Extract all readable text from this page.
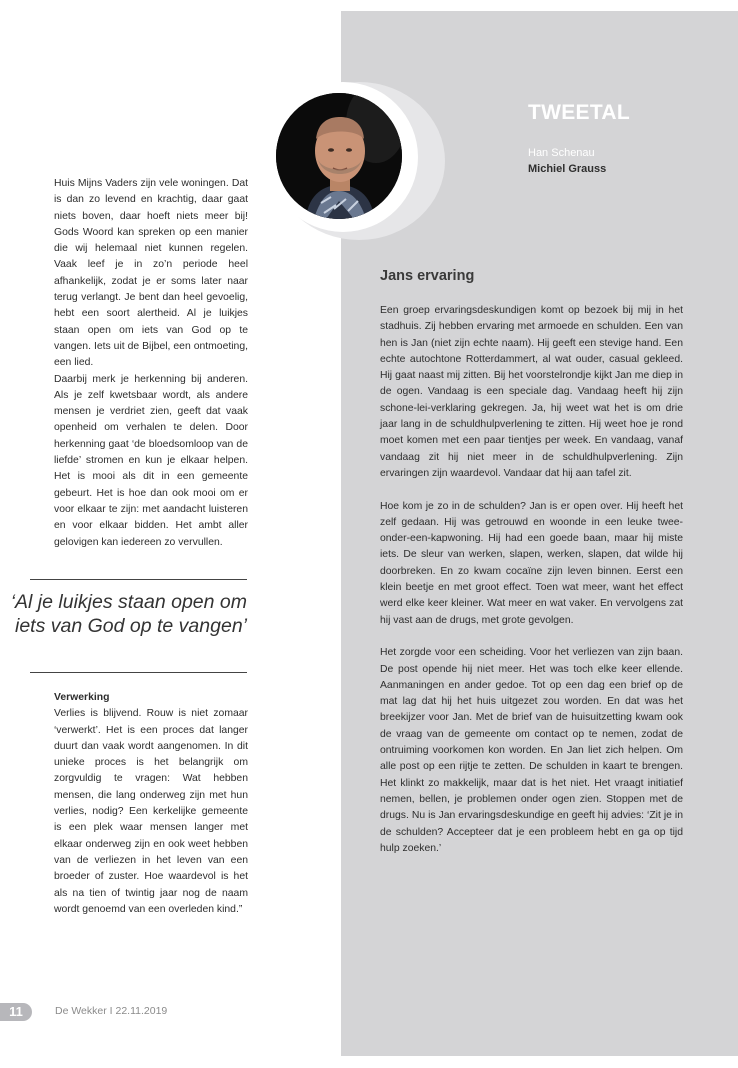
TWEETAL
Han Schenau
Michiel Grauss

Huis Mijns Vaders zijn vele woningen. Dat is dan zo levend en krachtig, daar gaat niets boven, daar hoeft niets meer bij! Gods Woord kan spreken op een manier die wij helemaal niet kunnen regelen. Vaak leef je in zo’n periode heel afhankelijk, zodat je er soms later naar terug verlangt. Je bent dan heel gevoelig, hebt een soort alertheid. Al je luikjes staan open om iets van God op te vangen. Iets uit de Bijbel, een ontmoeting, een lied.

Daarbij merk je herkenning bij anderen. Als je zelf kwetsbaar wordt, als andere mensen je verdriet zien, geeft dat vaak openheid om verhalen te delen. Door herkenning gaat ‘de bloedsomloop van de liefde’ stromen en kun je elkaar helpen. Het is mooi als dit in een gemeente gebeurt. Het is hoe dan ook mooi om er voor elkaar te zijn: met aandacht luisteren en voor elkaar bidden. Het ambt aller gelovigen kan iedereen zo vervullen.

‘Al je luikjes staan open om iets van God op te vangen’

Verwerking

Verlies is blijvend. Rouw is niet zomaar ‘verwerkt’. Het is een proces dat langer duurt dan vaak wordt aangenomen. In dit unieke proces is het belangrijk om zorgvuldig te vragen: Wat hebben mensen, die lang onderweg zijn met hun verlies, nodig? Een kerkelijke gemeente is een plek waar mensen langer met elkaar onderweg zijn en ook weet hebben van de verliezen in het leven van een broeder of zuster. Hoe waardevol is het als na tien of twintig jaar nog de naam wordt genoemd van een overleden kind.”

Jans ervaring

Een groep ervaringsdeskundigen komt op bezoek bij mij in het stadhuis. Zij hebben ervaring met armoede en schulden. Een van hen is Jan (niet zijn echte naam). Hij geeft een stevige hand. Een echte autochtone Rotterdammert, al wat ouder, casual gekleed. Hij gaat naast mij zitten. Bij het voorstelrondje kijkt Jan me diep in de ogen. Vandaag is een speciale dag. Vandaag heeft hij zijn schone-lei-verklaring gekregen. Ja, hij weet wat het is om drie jaar lang in de schuldhulpverlening te zitten. Hij weet hoe je rond moet komen met een paar tientjes per week. En vandaag, vanaf vandaag zit hij niet meer in de schuldhulpverlening. Zijn ervaringen zijn waardevol. Vandaar dat hij aan tafel zit.

Hoe kom je zo in de schulden? Jan is er open over. Hij heeft het zelf gedaan. Hij was getrouwd en woonde in een leuke twee-onder-een-kapwoning. Hij had een goede baan, maar hij miste iets. De sleur van werken, slapen, werken, slapen, dat wilde hij doorbreken. En zo kwam cocaïne zijn leven binnen. Eerst een klein beetje en met groot effect. Toen wat meer, want het effect werd elke keer kleiner. Wat meer en wat vaker. En vervolgens zat hij vast aan de drugs, met grote gevolgen.

Het zorgde voor een scheiding. Voor het verliezen van zijn baan. De post opende hij niet meer. Het was toch elke keer ellende. Aanmaningen en ander gedoe. Tot op een dag een brief op de mat lag dat hij het huis uitgezet zou worden. En dat was het breekijzer voor Jan. Met de brief van de huisuitzetting kwam ook de vraag van de gemeente om contact op te nemen, zodat de ontruiming voorkomen kon worden. En Jan liet zich helpen. Om alle post op een rijtje te zetten. De schulden in kaart te brengen. Het klinkt zo makkelijk, maar dat is het niet. Het vraagt initiatief nemen, bellen, je problemen onder ogen zien. Stoppen met de drugs. Nu is Jan ervaringsdeskundige en geeft hij advies: ‘Zit je in de schulden? Accepteer dat je een probleem hebt en ga op tijd hulp zoeken.’

11	De Wekker I 22.11.2019
